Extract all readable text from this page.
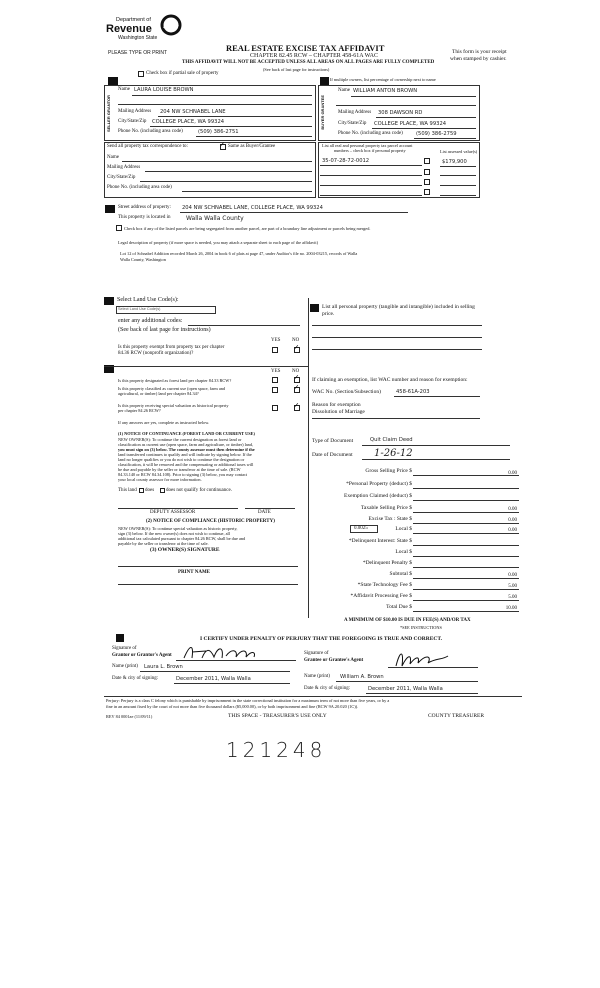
Department of
Revenue
Washington State
PLEASE TYPE OR PRINT	REAL ESTATE EXCISE TAX AFFIDAVIT
CHAPTER 82.45 RCW – CHAPTER 458-61A WAC
THIS AFFIDAVIT WILL NOT BE ACCEPTED UNLESS ALL AREAS ON ALL PAGES ARE FULLY COMPLETED
(See back of last page for instructions)
This form is your receipt
when stamped by cashier.
Check box if partial sale of property
If multiple owners, list percentage of ownership next to name
SELLER GRANTOR	BUYER GRANTEE
Name LAURA LOUISE BROWN
Mailing Address 204 NW SCHNABEL LANE
City/State/Zip COLLEGE PLACE, WA 99324
Phone No. (including area code)	(509) 386-2751
Name WILLIAM ANTON BROWN
Mailing Address 308 DAWSON RD
City/State/Zip COLLEGE PLACE, WA 99324
Phone No. (including area code)	(509) 386-2759
Send all property tax correspondence to:	✓ Same as Buyer/Grantee
Name
Mailing Address
City/State/Zip
Phone No. (including area code)
List all real and personal property tax parcel account
numbers – check box if personal property	List assessed value(s)
35-07-28-72-0012	$179,900
Street address of property: 204 NW SCHNABEL LANE, COLLEGE PLACE, WA 99324
This property is located in	Walla Walla County
Check box if any of the listed parcels are being segregated from another parcel, are part of a boundary line adjustment or parcels being merged.
Legal description of property (if more space is needed, you may attach a separate sheet to each page of the affidavit)
Lot 12 of Schnabel Addition recorded March 26, 2004 in book 6 of plats at page 47, under Auditor's file no. 2004-03215, records of Walla
Walla County, Washington
Select Land Use Code(s):
Select Land Use Code(s)
enter any additional codes:
(See back of last page for instructions)
YES NO
Is this property exempt from property tax per chapter
84.36 RCW (nonprofit organization)?
✓
YES NO
Is this property designated as forest land per chapter 84.33 RCW?	✓
Is this property classified as current use (open space, farm and
agricultural, or timber) land per chapter 84.34?
✓
Is this property receiving special valuation as historical property
per chapter 84.26 RCW?
✓
If any answers are yes, complete as instructed below.
(1) NOTICE OF CONTINUANCE (FOREST LAND OR CURRENT USE)
NEW OWNER(S): To continue the current designation as forest land or
classification as current use (open space, farm and agriculture, or timber) land,
you must sign on (3) below. The county assessor must then determine if the
land transferred continues to qualify and will indicate by signing below. If the
land no longer qualifies or you do not wish to continue the designation or
classification, it will be removed and the compensating or additional taxes will
be due and payable by the seller or transferor at the time of sale. (RCW
84.33.140 or RCW 84.34.108). Prior to signing (3) below, you may contact
your local county assessor for more information.
This land does does not qualify for continuance.
DEPUTY ASSESSOR	DATE
(2) NOTICE OF COMPLIANCE (HISTORIC PROPERTY)
NEW OWNER(S): To continue special valuation as historic property,
sign (3) below. If the new owner(s) does not wish to continue, all
additional tax calculated pursuant to chapter 84.26 RCW, shall be due and
payable by the seller or transferor at the time of sale.
(3) OWNER(S) SIGNATURE
PRINT NAME
List all personal property (tangible and intangible) included in selling
price.
If claiming an exemption, list WAC number and reason for exemption:
WAC No. (Section/Subsection)	458-61A-203
Reason for exemption
Dissolution of Marriage
Type of Document	Quit Claim Deed
Date of Document 1-26-12
Gross Selling Price $	0.00
*Personal Property (deduct) $
Exemption Claimed (deduct) $
Taxable Selling Price $	0.00
Excise Tax : State $	0.00
0.0025	Local $	0.00
*Delinquent Interest: State $
Local $
*Delinquent Penalty $
Subtotal $	0.00
*State Technology Fee $	5.00
*Affidavit Processing Fee $	5.00
Total Due $	10.00
A MINIMUM OF $10.00 IS DUE IN FEE(S) AND/OR TAX
*SEE INSTRUCTIONS
I CERTIFY UNDER PENALTY OF PERJURY THAT THE FOREGOING IS TRUE AND CORRECT.
Signature of
Grantor or Grantor's Agent
Name (print) Laura L. Brown
Date & city of signing:	December 2011, Walla Walla
Signature of
Grantee or Grantee's Agent
Name (print) William A. Brown
Date & city of signing:	December 2011, Walla Walla
Perjury: Perjury is a class C felony which is punishable by imprisonment in the state correctional institution for a maximum term of not more than five years, or by a
fine in an amount fixed by the court of not more than five thousand dollars ($5,000.00), or by both imprisonment and fine (RCW 9A.20.020 (1C)).
REV 84 0001ae (11/09/11)	THIS SPACE - TREASURER'S USE ONLY	COUNTY TREASURER
121248
